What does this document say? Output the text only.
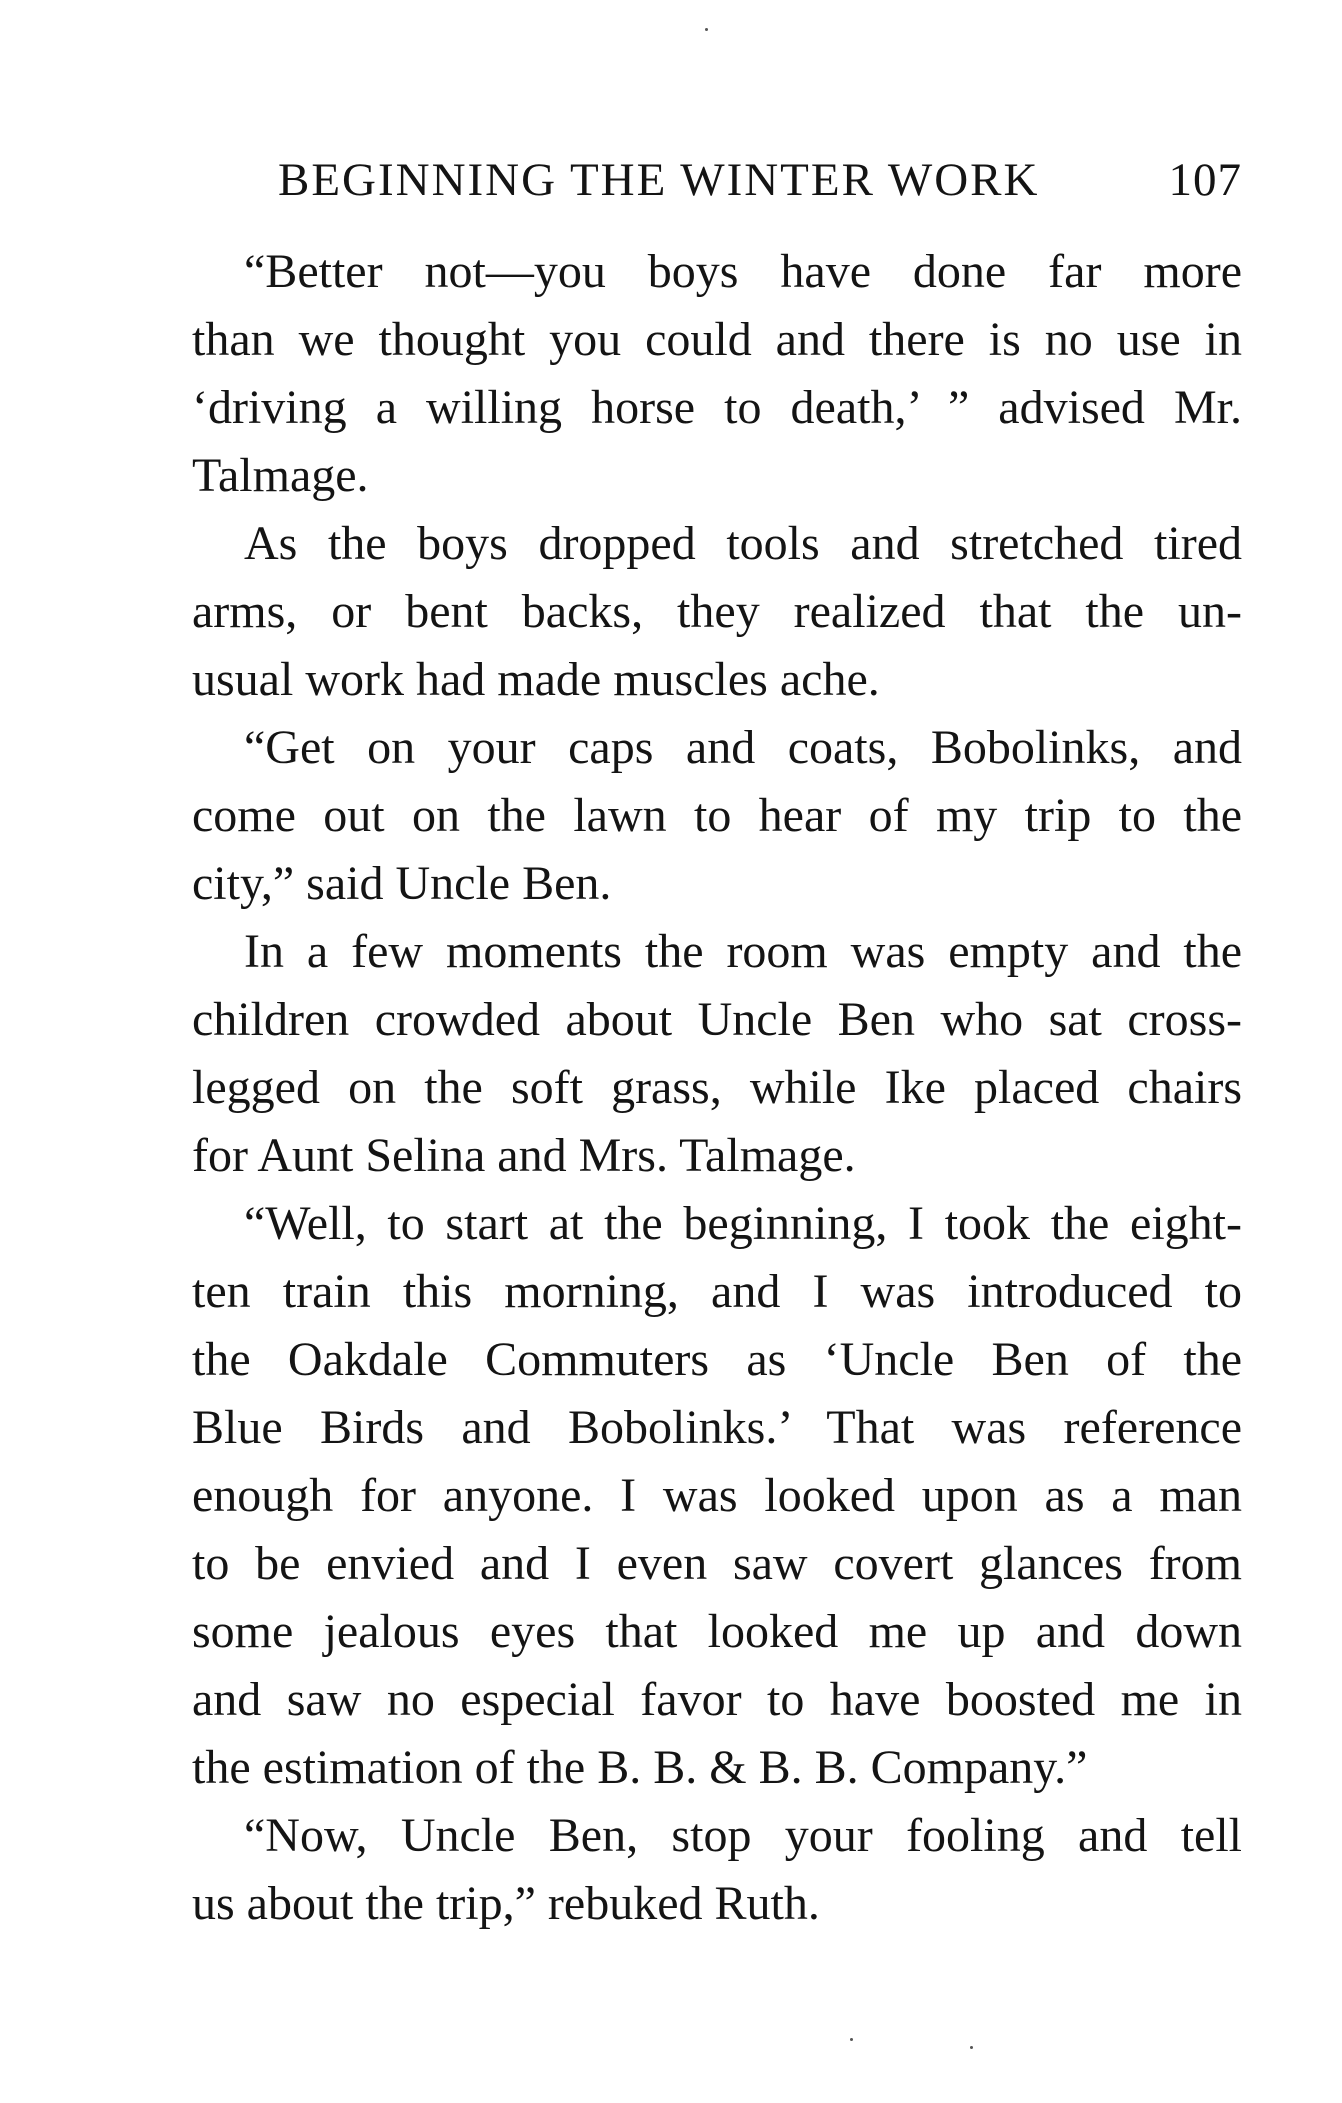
BEGINNING THE WINTER WORK	107
“Better not—you boys have done far more
than we thought you could and there is no use in
‘driving a willing horse to death,’ ” advised Mr.
Talmage.
As the boys dropped tools and stretched tired
arms, or bent backs, they realized that the un-
usual work had made muscles ache.
“Get on your caps and coats, Bobolinks, and
come out on the lawn to hear of my trip to the
city,” said Uncle Ben.
In a few moments the room was empty and the
children crowded about Uncle Ben who sat cross-
legged on the soft grass, while Ike placed chairs
for Aunt Selina and Mrs. Talmage.
“Well, to start at the beginning, I took the eight-
ten train this morning, and I was introduced to
the Oakdale Commuters as ‘Uncle Ben of the
Blue Birds and Bobolinks.’ That was reference
enough for anyone. I was looked upon as a man
to be envied and I even saw covert glances from
some jealous eyes that looked me up and down
and saw no especial favor to have boosted me in
the estimation of the B. B. & B. B. Company.”
“Now, Uncle Ben, stop your fooling and tell
us about the trip,” rebuked Ruth.
